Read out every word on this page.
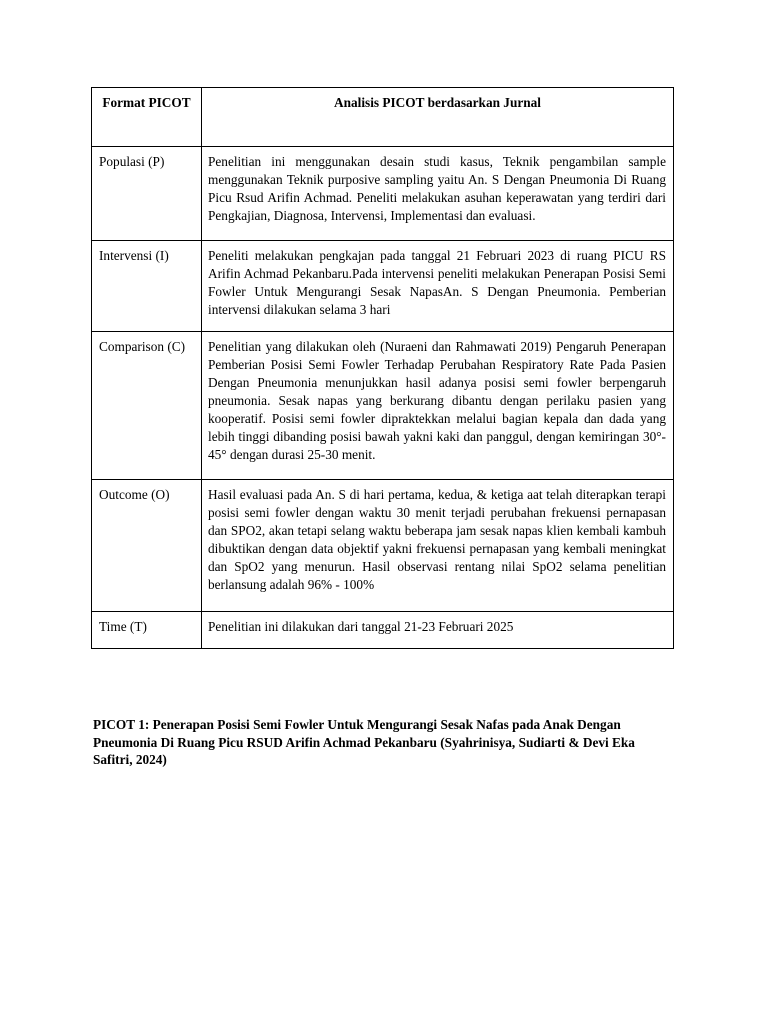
Format PICOT	Analisis PICOT berdasarkan Jurnal
Populasi (P)	Penelitian ini menggunakan desain studi kasus, Teknik pengambilan sample menggunakan Teknik purposive sampling yaitu An. S Dengan Pneumonia Di Ruang Picu Rsud Arifin Achmad. Peneliti melakukan asuhan keperawatan yang terdiri dari Pengkajian, Diagnosa, Intervensi, Implementasi dan evaluasi.
Intervensi (I)	Peneliti melakukan pengkajan pada tanggal 21 Februari 2023 di ruang PICU RS Arifin Achmad Pekanbaru.Pada intervensi peneliti melakukan Penerapan Posisi Semi Fowler Untuk Mengurangi Sesak NapasAn. S Dengan Pneumonia. Pemberian intervensi dilakukan selama 3 hari
Comparison (C)	Penelitian yang dilakukan oleh (Nuraeni dan Rahmawati 2019) Pengaruh Penerapan Pemberian Posisi Semi Fowler Terhadap Perubahan Respiratory Rate Pada Pasien Dengan Pneumonia menunjukkan hasil adanya posisi semi fowler berpengaruh pneumonia. Sesak napas yang berkurang dibantu dengan perilaku pasien yang kooperatif. Posisi semi fowler dipraktekkan melalui bagian kepala dan dada yang lebih tinggi dibanding posisi bawah yakni kaki dan panggul, dengan kemiringan 30°- 45° dengan durasi 25-30 menit.
Outcome (O)	Hasil evaluasi pada An. S di hari pertama, kedua, & ketiga aat telah diterapkan terapi posisi semi fowler dengan waktu 30 menit terjadi perubahan frekuensi pernapasan dan SPO2, akan tetapi selang waktu beberapa jam sesak napas klien kembali kambuh dibuktikan dengan data objektif yakni frekuensi pernapasan yang kembali meningkat dan SpO2 yang menurun. Hasil observasi rentang nilai SpO2 selama penelitian berlansung adalah 96% - 100%
Time (T)	Penelitian ini dilakukan dari tanggal 21-23 Februari 2025
PICOT 1: Penerapan Posisi Semi Fowler Untuk Mengurangi Sesak Nafas pada Anak Dengan Pneumonia Di Ruang Picu RSUD Arifin Achmad Pekanbaru (Syahrinisya, Sudiarti & Devi Eka Safitri, 2024)
